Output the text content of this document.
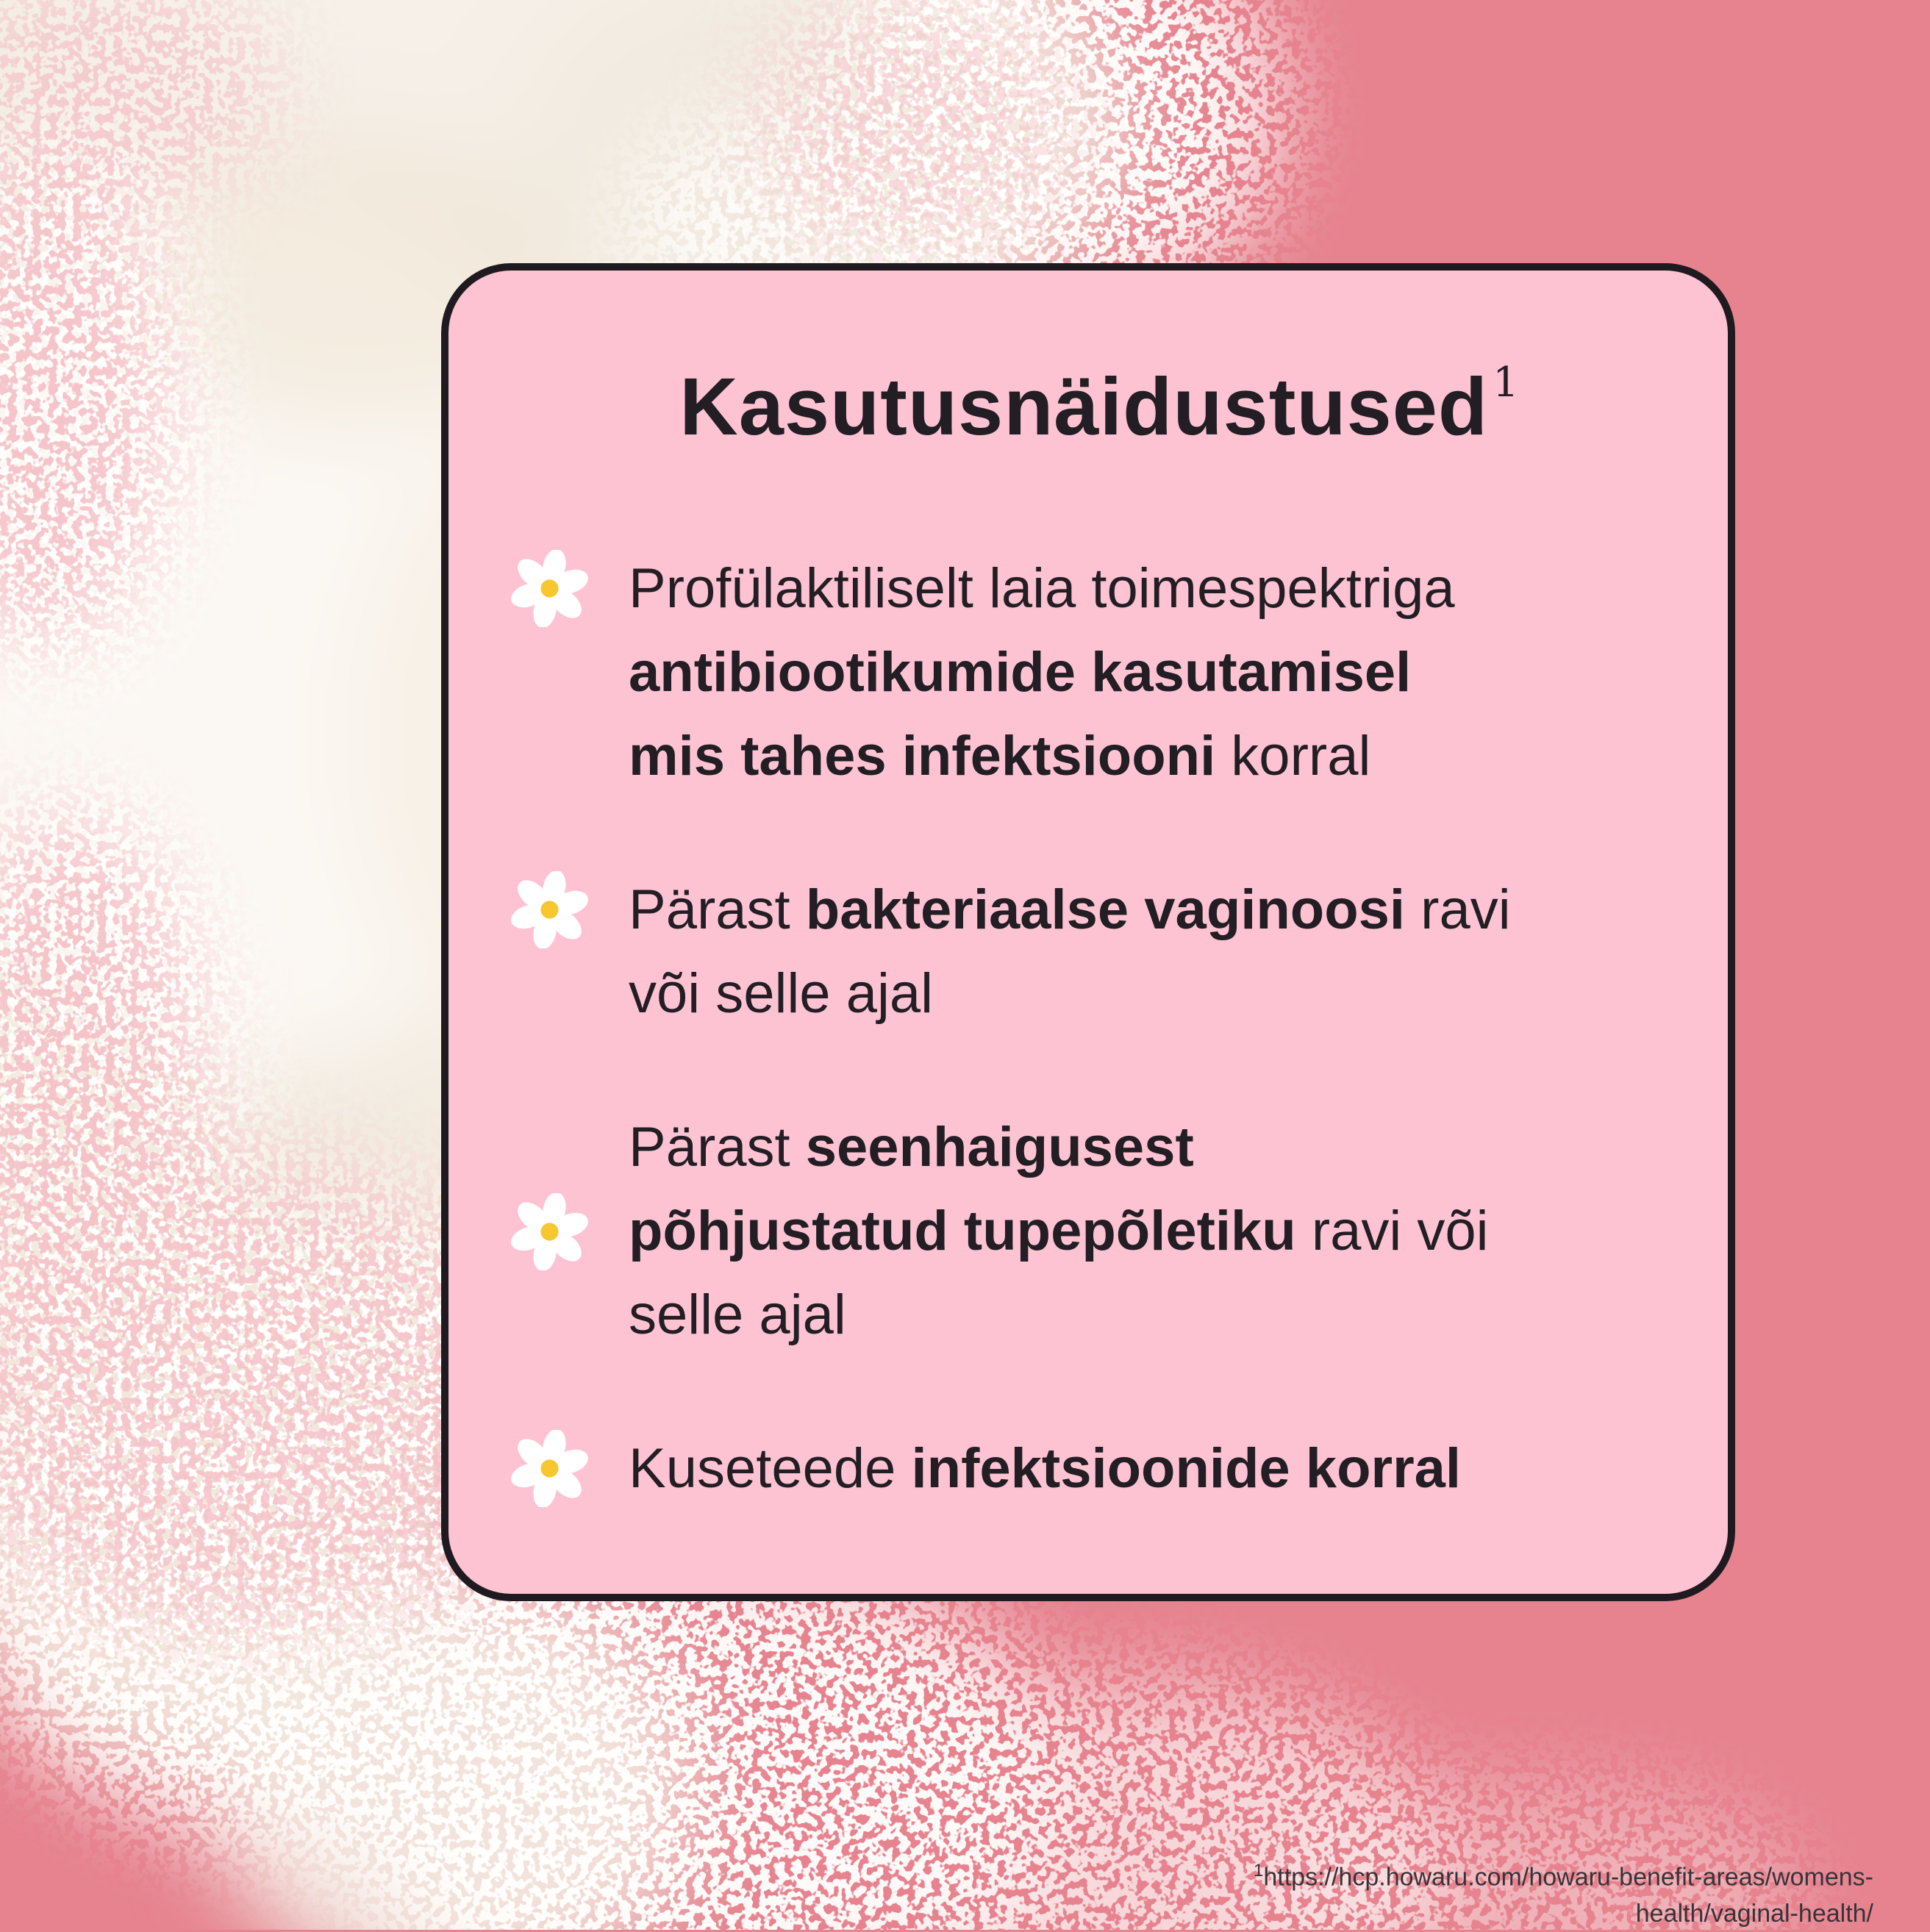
Kasutusnäidustused $^1$
Profülaktiliselt laia toimespektriga
antibiootikumide kasutamisel
mis tahes infektsiooni korral
Pärast bakteriaalse vaginoosi ravi
või selle ajal
Pärast seenhaigusest
põhjustatud tupepõletiku ravi või
selle ajal
Kuseteede infektsioonide korral
$^1$https://hcp.howaru.com/howaru-benefit-areas/womens-
health/vaginal-health/
